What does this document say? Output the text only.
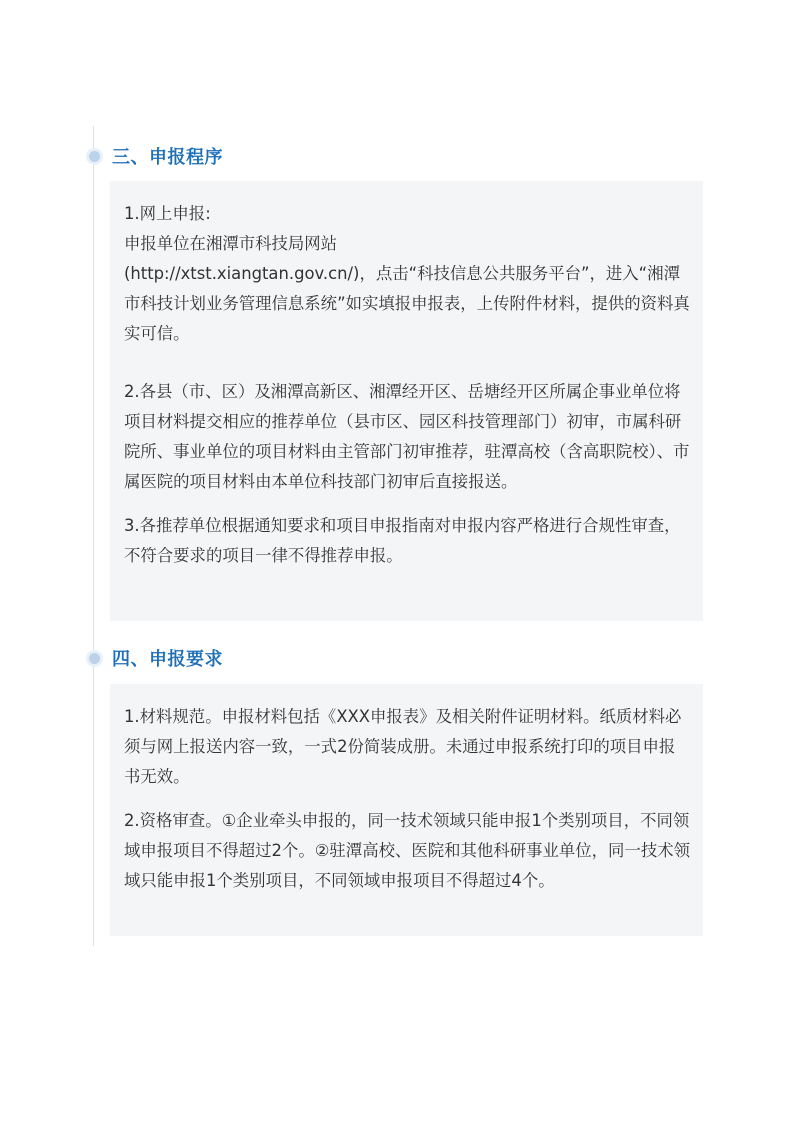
三、申报程序

1.网上申报:

申报单位在湘潭市科技局网站

(http://xtst.xiangtan.gov.cn/)，点击“科技信息公共服务平台”，进入“湘潭市科技计划业务管理信息系统”如实填报申报表，上传附件材料，提供的资料真实可信。

2.各县（市、区）及湘潭高新区、湘潭经开区、岳塘经开区所属企事业单位将项目材料提交相应的推荐单位（县市区、园区科技管理部门）初审，市属科研院所、事业单位的项目材料由主管部门初审推荐，驻潭高校（含高职院校）、市属医院的项目材料由本单位科技部门初审后直接报送。

3.各推荐单位根据通知要求和项目申报指南对申报内容严格进行合规性审查，不符合要求的项目一律不得推荐申报。

四、申报要求

1.材料规范。申报材料包括《XXX申报表》及相关附件证明材料。纸质材料必须与网上报送内容一致，一式2份简装成册。未通过申报系统打印的项目申报书无效。

2.资格审查。①企业牵头申报的，同一技术领域只能申报1个类别项目，不同领域申报项目不得超过2个。②驻潭高校、医院和其他科研事业单位，同一技术领域只能申报1个类别项目，不同领域申报项目不得超过4个。
